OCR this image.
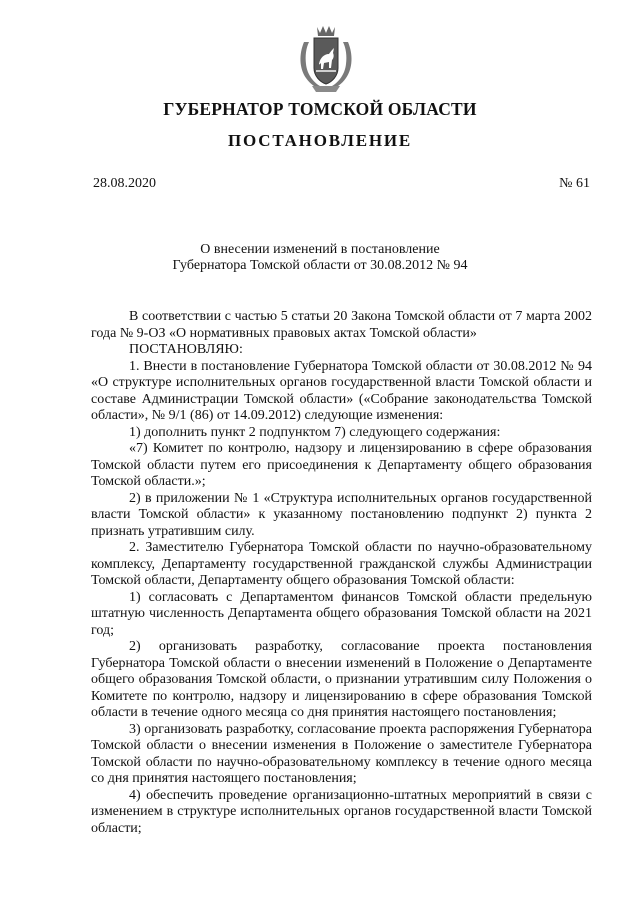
ГУБЕРНАТОР ТОМСКОЙ ОБЛАСТИ
ПОСТАНОВЛЕНИЕ
28.08.2020	№ 61
О внесении изменений в постановление
Губернатора Томской области от 30.08.2012 № 94

В соответствии с частью 5 статьи 20 Закона Томской области от 7 марта 2002 года № 9-ОЗ «О нормативных правовых актах Томской области»

ПОСТАНОВЛЯЮ:

1. Внести в постановление Губернатора Томской области от 30.08.2012 № 94 «О структуре исполнительных органов государственной власти Томской области и составе Администрации Томской области» («Собрание законодательства Томской области», № 9/1 (86) от 14.09.2012) следующие изменения:

1) дополнить пункт 2 подпунктом 7) следующего содержания:

«7) Комитет по контролю, надзору и лицензированию в сфере образования Томской области путем его присоединения к Департаменту общего образования Томской области.»;

2) в приложении № 1 «Структура исполнительных органов государственной власти Томской области» к указанному постановлению подпункт 2) пункта 2 признать утратившим силу.

2. Заместителю Губернатора Томской области по научно-образовательному комплексу, Департаменту государственной гражданской службы Администрации Томской области, Департаменту общего образования Томской области:

1) согласовать с Департаментом финансов Томской области предельную штатную численность Департамента общего образования Томской области на 2021 год;

2) организовать разработку, согласование проекта постановления Губернатора Томской области о внесении изменений в Положение о Департаменте общего образования Томской области, о признании утратившим силу Положения о Комитете по контролю, надзору и лицензированию в сфере образования Томской области в течение одного месяца со дня принятия настоящего постановления;

3) организовать разработку, согласование проекта распоряжения Губернатора Томской области о внесении изменения в Положение о заместителе Губернатора Томской области по научно-образовательному комплексу в течение одного месяца со дня принятия настоящего постановления;

4) обеспечить проведение организационно-штатных мероприятий в связи с изменением в структуре исполнительных органов государственной власти Томской области;
